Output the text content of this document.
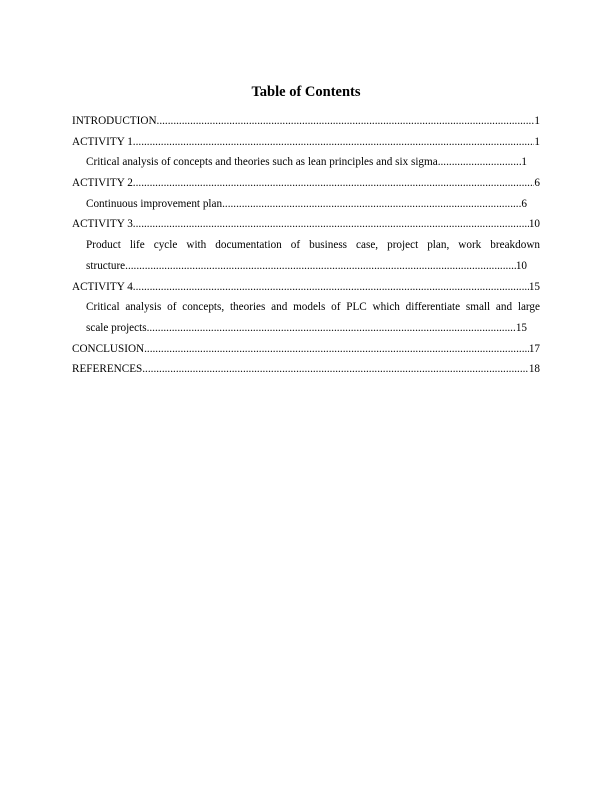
Table of Contents
INTRODUCTION .....	1
ACTIVITY 1 .....	1
Critical analysis of concepts and theories such as lean principles and six sigma .....	1
ACTIVITY 2 .....	6
Continuous improvement plan .....	6
ACTIVITY 3 .....	10
Product life cycle with documentation of business case, project plan, work breakdown
structure .....	10
ACTIVITY 4 .....	15
Critical analysis of concepts, theories and models of PLC which differentiate small and large
scale projects .....	15
CONCLUSION .....	17
REFERENCES .....	18
